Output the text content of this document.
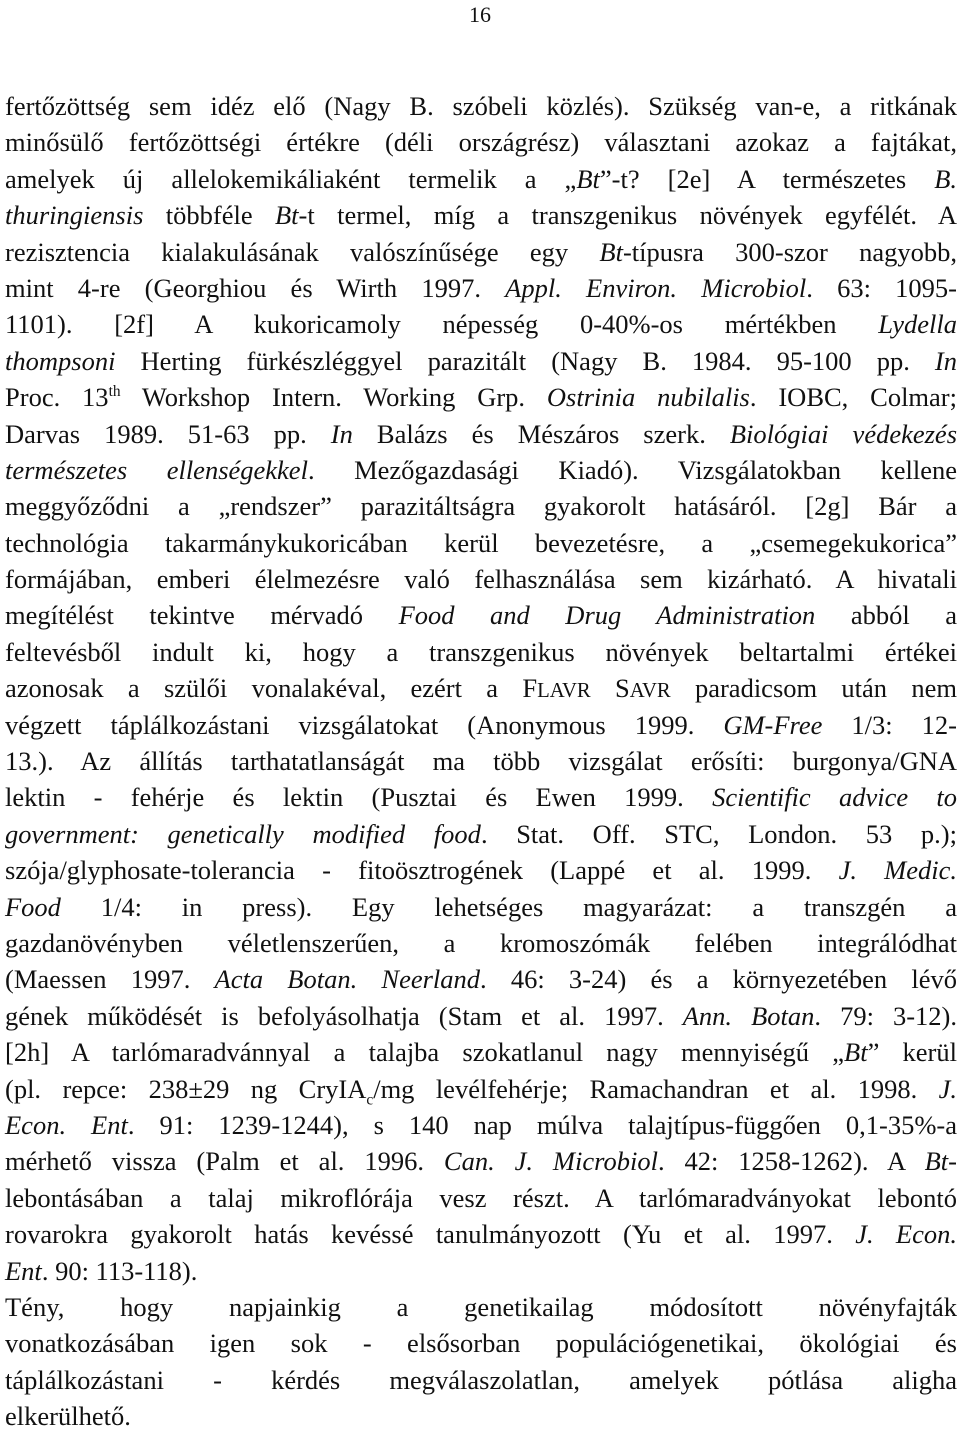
16
fertőzöttség sem idéz elő (Nagy B. szóbeli közlés). Szükség van-e, a ritkának
minősülő fertőzöttségi értékre (déli országrész) választani azokaz a fajtákat,
amelyek új allelokemikáliaként termelik a „Bt”-t? [2e] A természetes B.
thuringiensis többféle Bt-t termel, míg a transzgenikus növények egyfélét. A
rezisztencia kialakulásának valószínűsége egy Bt-típusra 300-szor nagyobb,
mint 4-re (Georghiou és Wirth 1997. Appl. Environ. Microbiol. 63: 1095-
1101). [2f] A kukoricamoly népesség 0-40%-os mértékben Lydella
thompsoni Herting fürkészléggyel parazitált (Nagy B. 1984. 95-100 pp. In
Proc. 13th Workshop Intern. Working Grp. Ostrinia nubilalis. IOBC, Colmar;
Darvas 1989. 51-63 pp. In Balázs és Mészáros szerk. Biológiai védekezés
természetes ellenségekkel. Mezőgazdasági Kiadó). Vizsgálatokban kellene
meggyőződni a „rendszer” parazitáltságra gyakorolt hatásáról. [2g] Bár a
technológia takarmánykukoricában kerül bevezetésre, a „csemegekukorica”
formájában, emberi élelmezésre való felhasználása sem kizárható. A hivatali
megítélést tekintve mérvadó Food and Drug Administration abból a
feltevésből indult ki, hogy a transzgenikus növények beltartalmi értékei
azonosak a szülői vonalakéval, ezért a FLAVR SAVR paradicsom után nem
végzett táplálkozástani vizsgálatokat (Anonymous 1999. GM-Free 1/3: 12-
13.). Az állítás tarthatatlanságát ma több vizsgálat erősíti: burgonya/GNA
lektin - fehérje és lektin (Pusztai és Ewen 1999. Scientific advice to
government: genetically modified food. Stat. Off. STC, London. 53 p.);
szója/glyphosate-tolerancia - fitoösztrogének (Lappé et al. 1999. J. Medic.
Food 1/4: in press). Egy lehetséges magyarázat: a transzgén a
gazdanövényben véletlenszerűen, a kromoszómák felében integrálódhat
(Maessen 1997. Acta Botan. Neerland. 46: 3-24) és a környezetében lévő
gének működését is befolyásolhatja (Stam et al. 1997. Ann. Botan. 79: 3-12).
[2h] A tarlómaradvánnyal a talajba szokatlanul nagy mennyiségű „Bt” kerül
(pl. repce: 238±29 ng CryIA$_c$/mg levélfehérje; Ramachandran et al. 1998. J.
Econ. Ent. 91: 1239-1244), s 140 nap múlva talajtípus-függően 0,1-35%-a
mérhető vissza (Palm et al. 1996. Can. J. Microbiol. 42: 1258-1262). A Bt-
lebontásában a talaj mikroflórája vesz részt. A tarlómaradványokat lebontó
rovarokra gyakorolt hatás kevéssé tanulmányozott (Yu et al. 1997. J. Econ.
Ent. 90: 113-118).
Tény, hogy napjainkig a genetikailag módosított növényfajták
vonatkozásában igen sok - elsősorban populációgenetikai, ökológiai és
táplálkozástani - kérdés megválaszolatlan, amelyek pótlása aligha
elkerülhető.
